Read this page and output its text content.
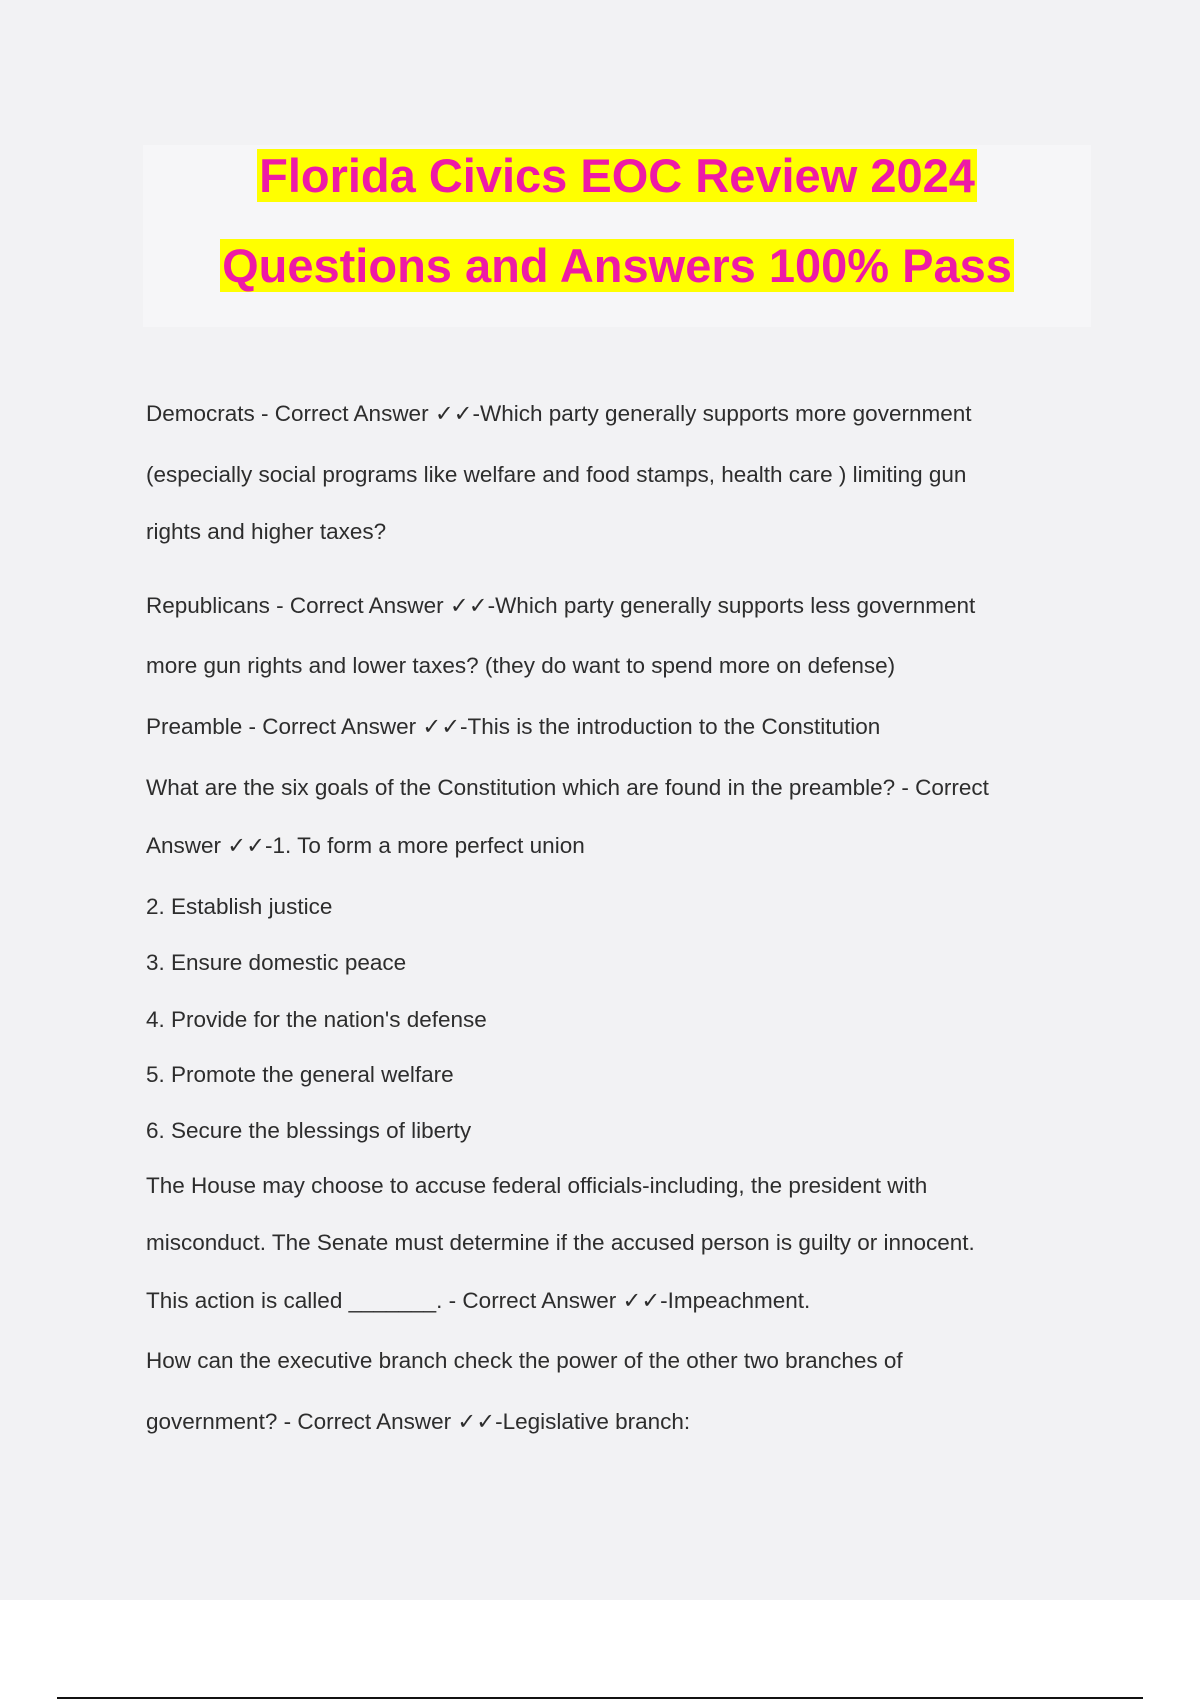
Florida Civics EOC Review 2024
Questions and Answers 100% Pass
Democrats - Correct Answer ✓✓-Which party generally supports more government
(especially social programs like welfare and food stamps, health care ) limiting gun
rights and higher taxes?
Republicans - Correct Answer ✓✓-Which party generally supports less government
more gun rights and lower taxes? (they do want to spend more on defense)
Preamble - Correct Answer ✓✓-This is the introduction to the Constitution
What are the six goals of the Constitution which are found in the preamble? - Correct
Answer ✓✓-1. To form a more perfect union
2. Establish justice
3. Ensure domestic peace
4. Provide for the nation's defense
5. Promote the general welfare
6. Secure the blessings of liberty
The House may choose to accuse federal officials-including, the president with
misconduct. The Senate must determine if the accused person is guilty or innocent.
This action is called _______. - Correct Answer ✓✓-Impeachment.
How can the executive branch check the power of the other two branches of
government? - Correct Answer ✓✓-Legislative branch:
